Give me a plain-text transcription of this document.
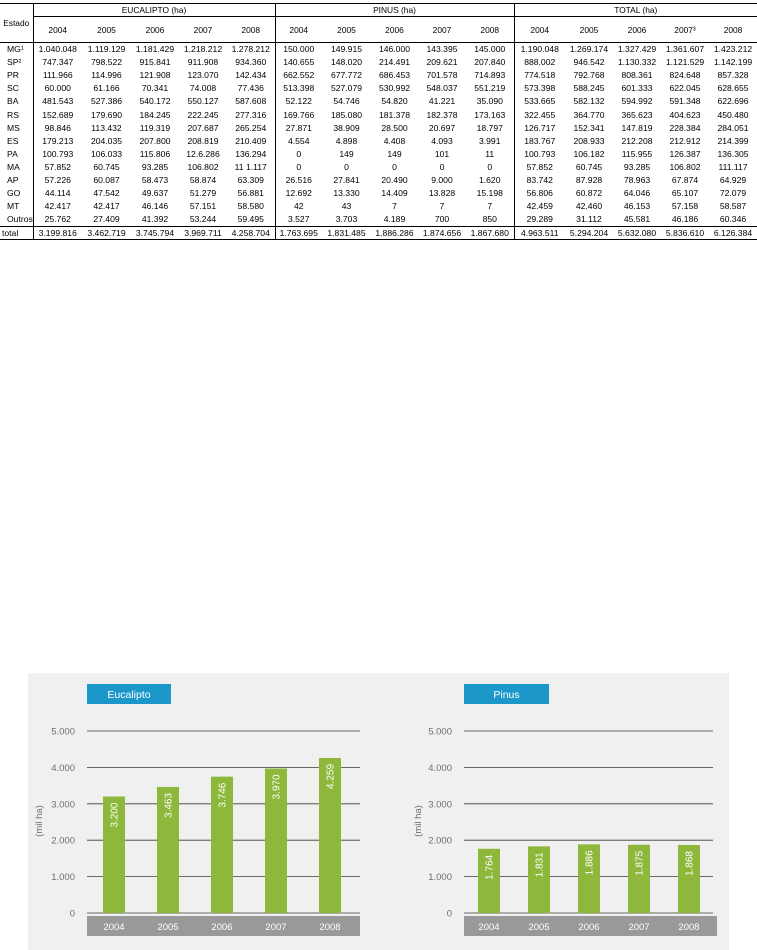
Estado	EUCALIPTO (ha)					PINUS (ha)					TOTAL (ha)				
	2004	2005	2006	2007	2008	2004	2005	2006	2007	2008	2004	2005	2006	2007³	2008
MG¹	1.040.048	1.119.129	1.181.429	1.218.212	1.278.212	150.000	149.915	146.000	143.395	145.000	1.190.048	1.269.174	1.327.429	1.361.607	1.423.212
SP²	747.347	798.522	915.841	911.908	934.360	140.655	148.020	214.491	209.621	207.840	888.002	946.542	1.130.332	1.121.529	1.142.199
PR	111.966	114.996	121.908	123.070	142.434	662.552	677.772	686.453	701.578	714.893	774.518	792.768	808.361	824.648	857.328
SC	60.000	61.166	70.341	74.008	77.436	513.398	527.079	530.992	548.037	551.219	573.398	588.245	601.333	622.045	628.655
BA	481.543	527.386	540.172	550.127	587.608	52.122	54.746	54.820	41.221	35.090	533.665	582.132	594.992	591.348	622.696
RS	152.689	179.690	184.245	222.245	277.316	169.766	185.080	181.378	182.378	173.163	322.455	364.770	365.623	404.623	450.480
MS	98.846	113.432	119.319	207.687	265.254	27.871	38.909	28.500	20.697	18.797	126.717	152.341	147.819	228.384	284.051
ES	179.213	204.035	207.800	208.819	210.409	4.554	4.898	4.408	4.093	3.991	183.767	208.933	212.208	212.912	214.399
PA	100.793	106.033	115.806	12.6.286	136.294	0	149	149	101	11	100.793	106.182	115.955	126.387	136.305
MA	57.852	60.745	93.285	106.802	11 1.117	0	0	0	0	0	57.852	60.745	93.285	106.802	111.117
AP	57.226	60.087	58.473	58.874	63.309	26.516	27.841	20.490	9.000	1.620	83.742	87.928	78.963	67.874	64.929
GO	44.114	47.542	49.637	51.279	56.881	12.692	13.330	14.409	13.828	15.198	56.806	60.872	64.046	65.107	72.079
MT	42.417	42.417	46.146	57.151	58.580	42	43	7	7	7	42.459	42.460	46.153	57.158	58.587
Outros	25.762	27.409	41.392	53.244	59.495	3.527	3.703	4.189	700	850	29.289	31.112	45.581	46.186	60.346
total	3.199.816	3.462.719	3.745.794	3.969.711	4.258.704	1.763.695	1.831.485	1.886.286	1.874.656	1.867.680	4.963.511	5.294.204	5.632.080	5.836.610	6.126.384
Eucalipto
5.000
4.000
3.000
2.000
1.000
0
(mil ha)	3.200
2004
3.463
2005
3.746
2006
3.970
2007
4.259
2008
Pinus
5.000
4.000
3.000
2.000
1.000
0
(mil ha)
1.764
2004
1.831
2005
1.886
2006
1.875
2007
1.868
2008
